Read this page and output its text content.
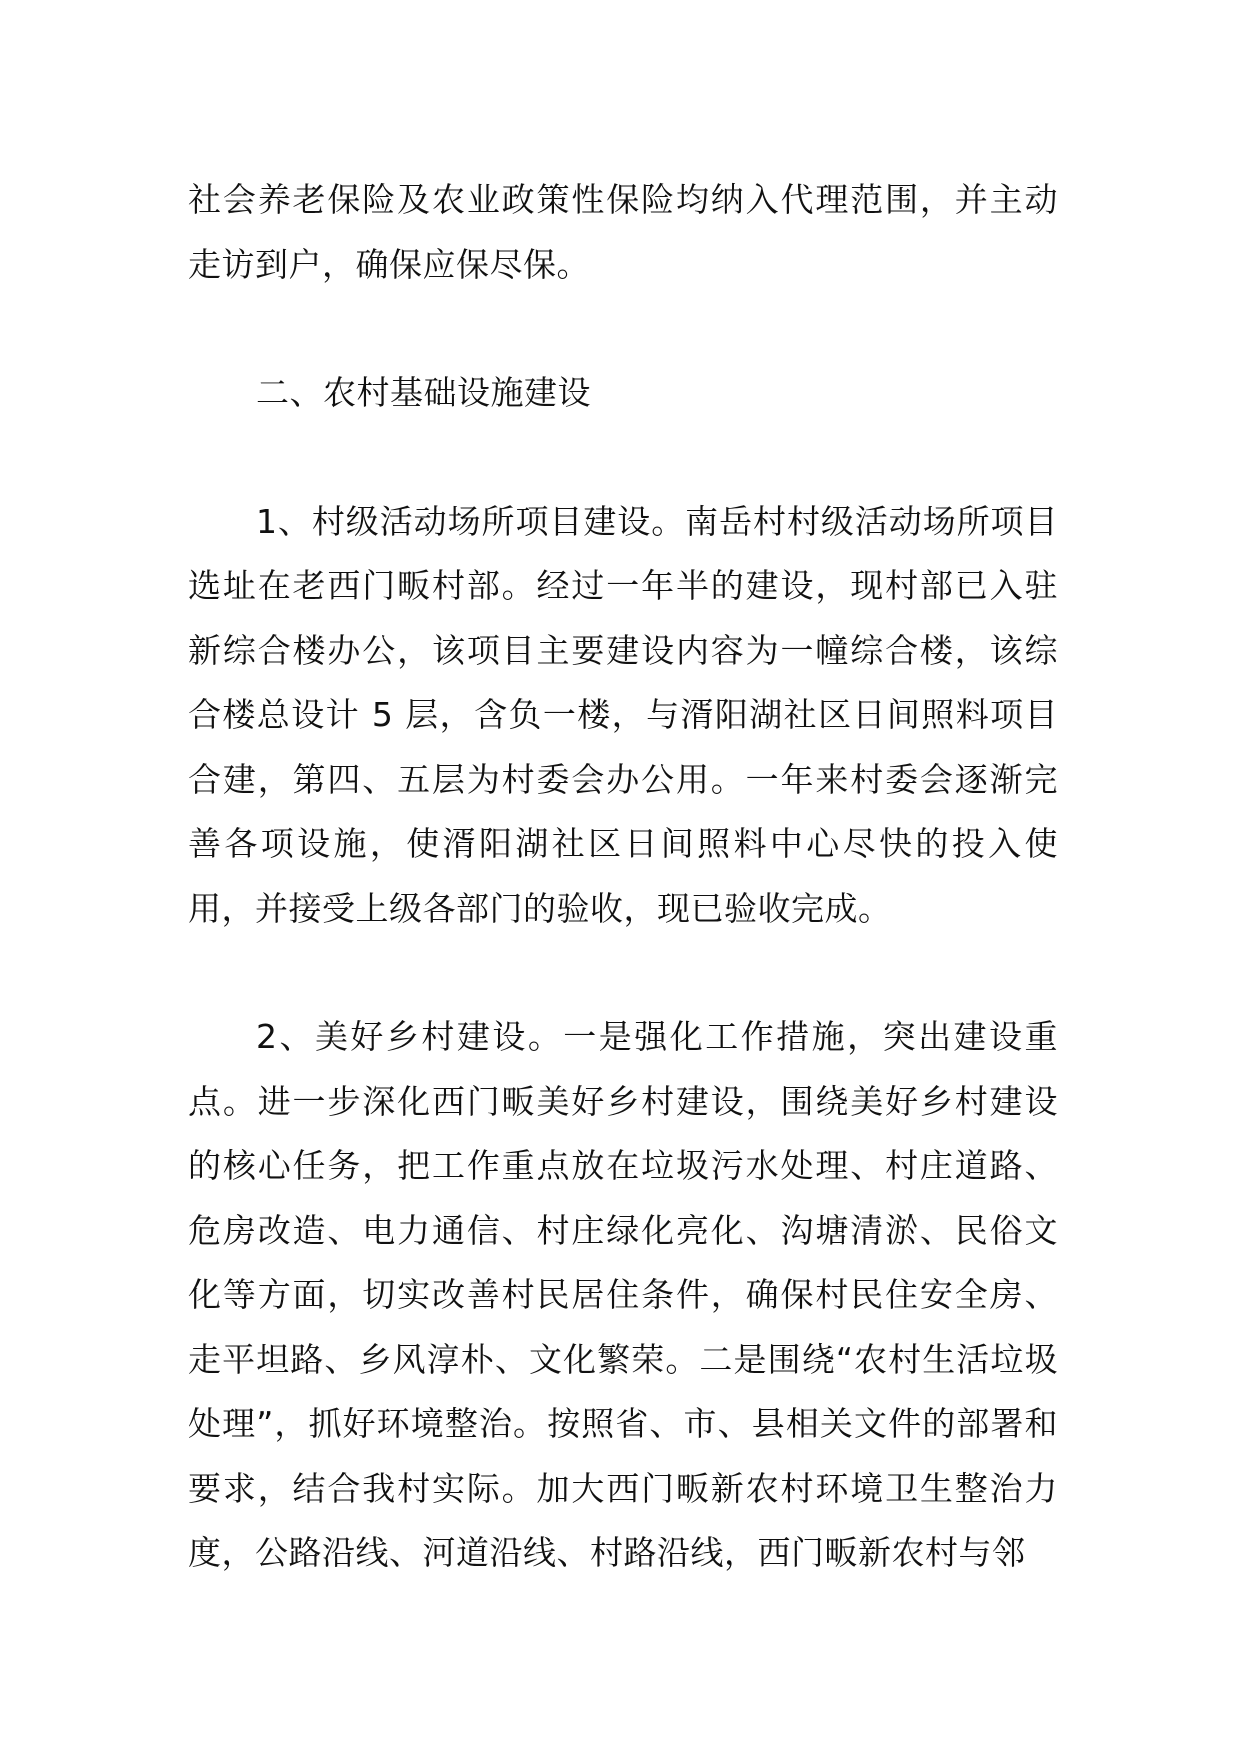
社会养老保险及农业政策性保险均纳入代理范围，并主动走访到户，确保应保尽保。

二、农村基础设施建设

1、村级活动场所项目建设。南岳村村级活动场所项目选址在老西门畈村部。经过一年半的建设，现村部已入驻新综合楼办公，该项目主要建设内容为一幢综合楼，该综合楼总设计 5 层，含负一楼，与湑阳湖社区日间照料项目合建，第四、五层为村委会办公用。一年来村委会逐渐完善各项设施，使湑阳湖社区日间照料中心尽快的投入使用，并接受上级各部门的验收，现已验收完成。

2、美好乡村建设。一是强化工作措施，突出建设重点。进一步深化西门畈美好乡村建设，围绕美好乡村建设的核心任务，把工作重点放在垃圾污水处理、村庄道路、危房改造、电力通信、村庄绿化亮化、沟塘清淤、民俗文化等方面，切实改善村民居住条件，确保村民住安全房、走平坦路、乡风淳朴、文化繁荣。二是围绕“农村生活垃圾处理”，抓好环境整治。按照省、市、县相关文件的部署和要求，结合我村实际。加大西门畈新农村环境卫生整治力度，公路沿线、河道沿线、村路沿线，西门畈新农村与邻
